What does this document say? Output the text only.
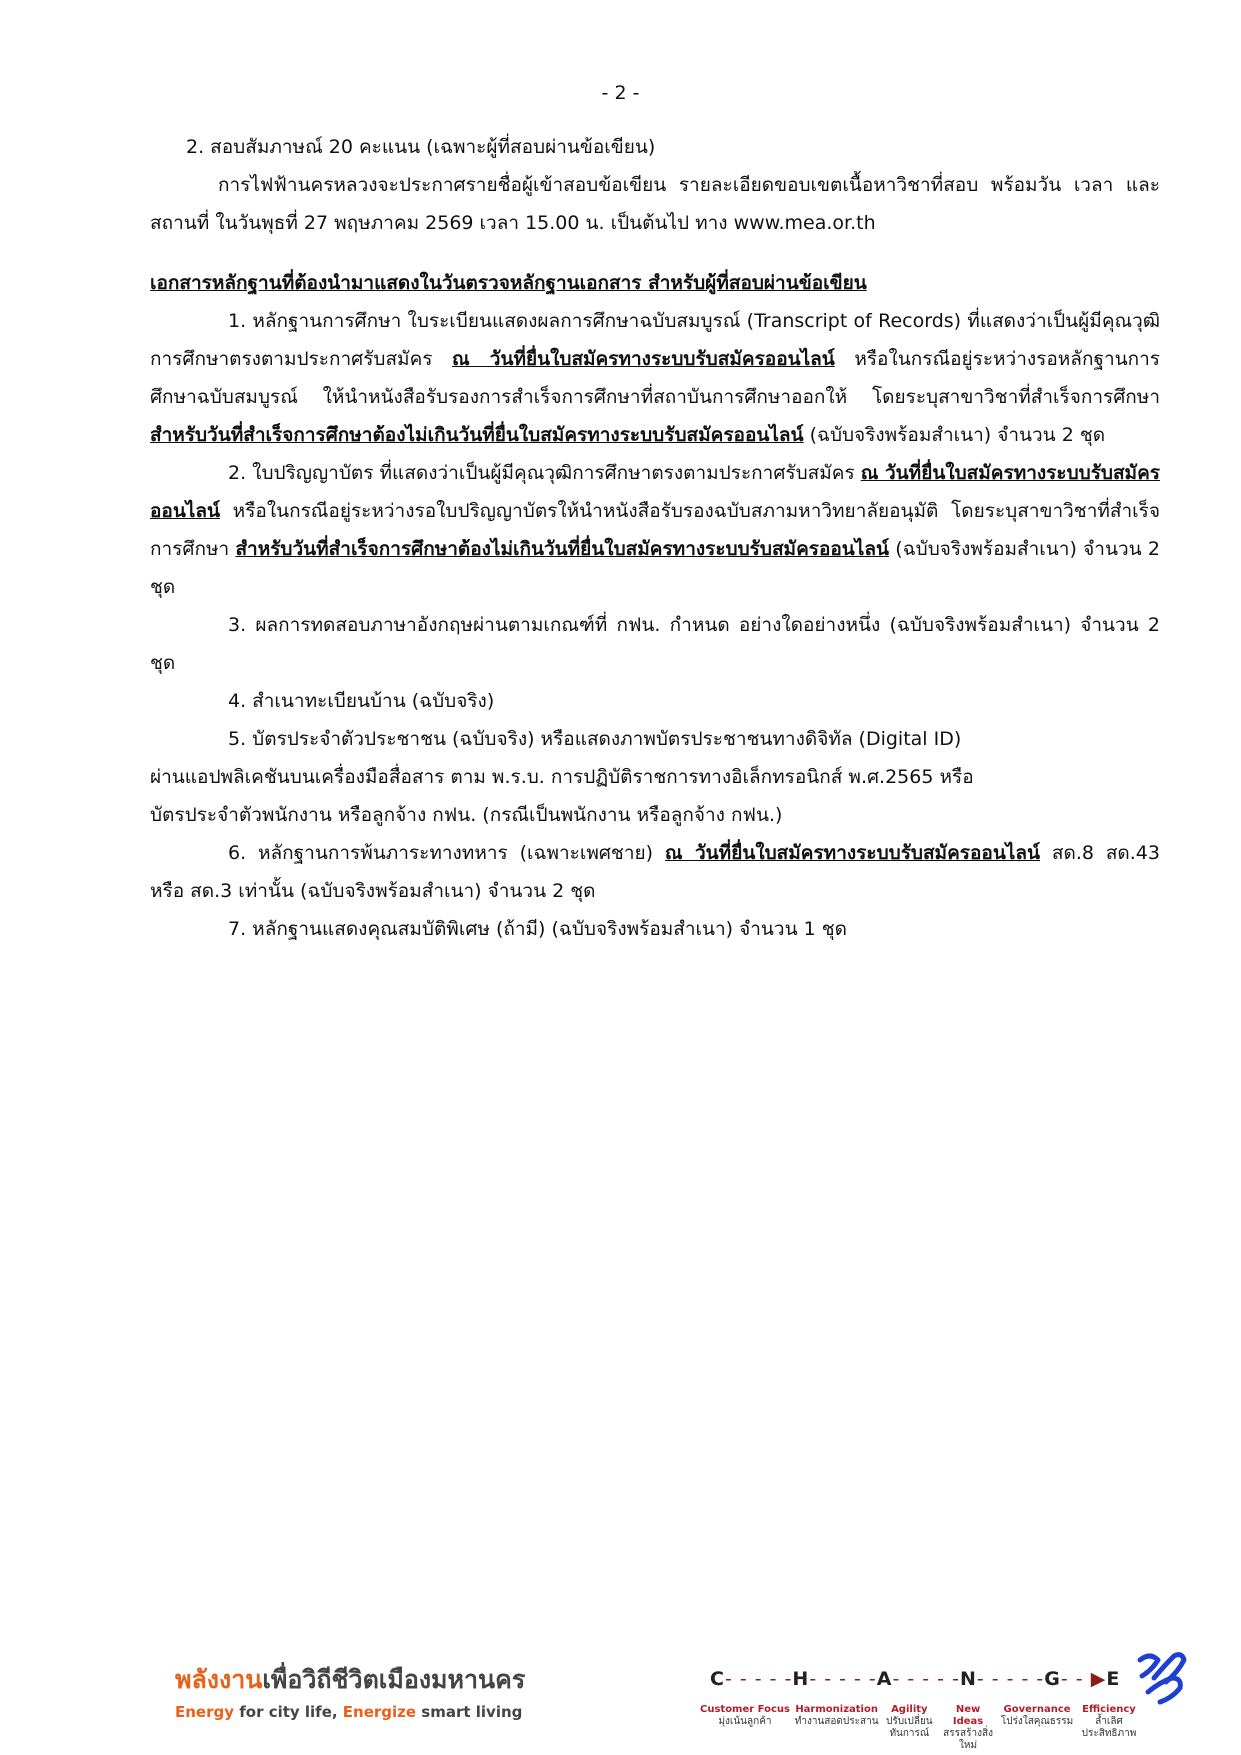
- 2 -

2. สอบสัมภาษณ์ 20 คะแนน (เฉพาะผู้ที่สอบผ่านข้อเขียน)

การไฟฟ้านครหลวงจะประกาศรายชื่อผู้เข้าสอบข้อเขียน รายละเอียดขอบเขตเนื้อหาวิชาที่สอบ พร้อมวัน เวลา และสถานที่ ในวันพุธที่ 27 พฤษภาคม 2569 เวลา 15.00 น. เป็นต้นไป ทาง www.mea.or.th

เอกสารหลักฐานที่ต้องนำมาแสดงในวันตรวจหลักฐานเอกสาร สำหรับผู้ที่สอบผ่านข้อเขียน

1. หลักฐานการศึกษา ใบระเบียนแสดงผลการศึกษาฉบับสมบูรณ์ (Transcript of Records) ที่แสดงว่าเป็นผู้มีคุณวุฒิการศึกษาตรงตามประกาศรับสมัคร ณ วันที่ยื่นใบสมัครทางระบบรับสมัครออนไลน์ หรือในกรณีอยู่ระหว่างรอหลักฐานการศึกษาฉบับสมบูรณ์ ให้นำหนังสือรับรองการสำเร็จการศึกษาที่สถาบันการศึกษาออกให้ โดยระบุสาขาวิชาที่สำเร็จการศึกษา สำหรับวันที่สำเร็จการศึกษาต้องไม่เกินวันที่ยื่นใบสมัครทางระบบรับสมัครออนไลน์ (ฉบับจริงพร้อมสำเนา) จำนวน 2 ชุด

2. ใบปริญญาบัตร ที่แสดงว่าเป็นผู้มีคุณวุฒิการศึกษาตรงตามประกาศรับสมัคร ณ วันที่ยื่นใบสมัครทางระบบรับสมัครออนไลน์ หรือในกรณีอยู่ระหว่างรอใบปริญญาบัตรให้นำหนังสือรับรองฉบับสภามหาวิทยาลัยอนุมัติ โดยระบุสาขาวิชาที่สำเร็จการศึกษา สำหรับวันที่สำเร็จการศึกษาต้องไม่เกินวันที่ยื่นใบสมัครทางระบบรับสมัครออนไลน์ (ฉบับจริงพร้อมสำเนา) จำนวน 2 ชุด

3. ผลการทดสอบภาษาอังกฤษผ่านตามเกณฑ์ที่ กฟน. กำหนด อย่างใดอย่างหนึ่ง (ฉบับจริงพร้อมสำเนา) จำนวน 2 ชุด

4. สำเนาทะเบียนบ้าน (ฉบับจริง)

5. บัตรประจำตัวประชาชน (ฉบับจริง) หรือแสดงภาพบัตรประชาชนทางดิจิทัล (Digital ID)

ผ่านแอปพลิเคชันบนเครื่องมือสื่อสาร ตาม พ.ร.บ. การปฏิบัติราชการทางอิเล็กทรอนิกส์ พ.ศ.2565 หรือ

บัตรประจำตัวพนักงาน หรือลูกจ้าง กฟน. (กรณีเป็นพนักงาน หรือลูกจ้าง กฟน.)

6. หลักฐานการพ้นภาระทางทหาร (เฉพาะเพศชาย) ณ วันที่ยื่นใบสมัครทางระบบรับสมัครออนไลน์ สด.8 สด.43 หรือ สด.3 เท่านั้น (ฉบับจริงพร้อมสำเนา) จำนวน 2 ชุด

7. หลักฐานแสดงคุณสมบัติพิเศษ (ถ้ามี) (ฉบับจริงพร้อมสำเนา) จำนวน 1 ชุด

พลังงานเพื่อวิถีชีวิตเมืองมหานคร
Energy for city life, Energize smart living
C- - - - -H- - - - -A- - - - -N- - - - -G- - ▶E
Customer Focus
มุ่งเน้นลูกค้า
Harmonization
ทำงานสอดประสาน
Agility
ปรับเปลี่ยนทันการณ์
New Ideas
สรรสร้างสิ่งใหม่
Governance
โปร่งใสคุณธรรม
Efficiency
ล้ำเลิศประสิทธิภาพ
